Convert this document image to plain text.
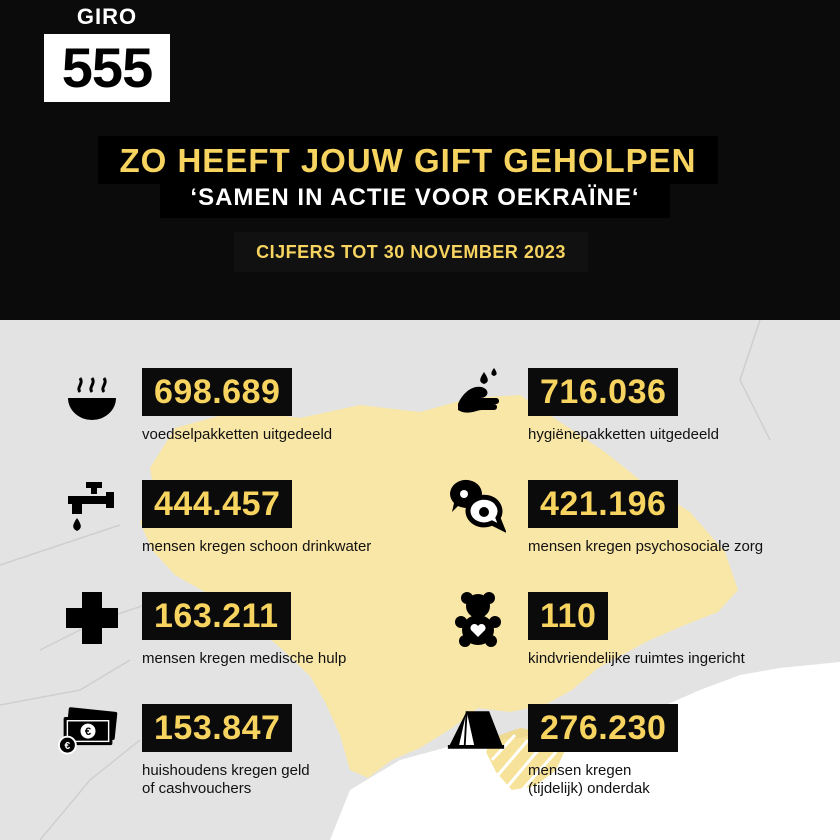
GIRO
555
ZO HEEFT JOUW GIFT GEHOLPEN
‘SAMEN IN ACTIE VOOR OEKRAÏNE‘
CIJFERS TOT 30 NOVEMBER 2023
698.689
voedselpakketten uitgedeeld
716.036
hygiënepakketten uitgedeeld
444.457
mensen kregen schoon drinkwater
421.196
mensen kregen psychosociale zorg
163.211
mensen kregen medische hulp
110
kindvriendelijke ruimtes ingericht
€
€	153.847
huishoudens kregen geld
of cashvouchers
276.230
mensen kregen
(tijdelijk) onderdak
